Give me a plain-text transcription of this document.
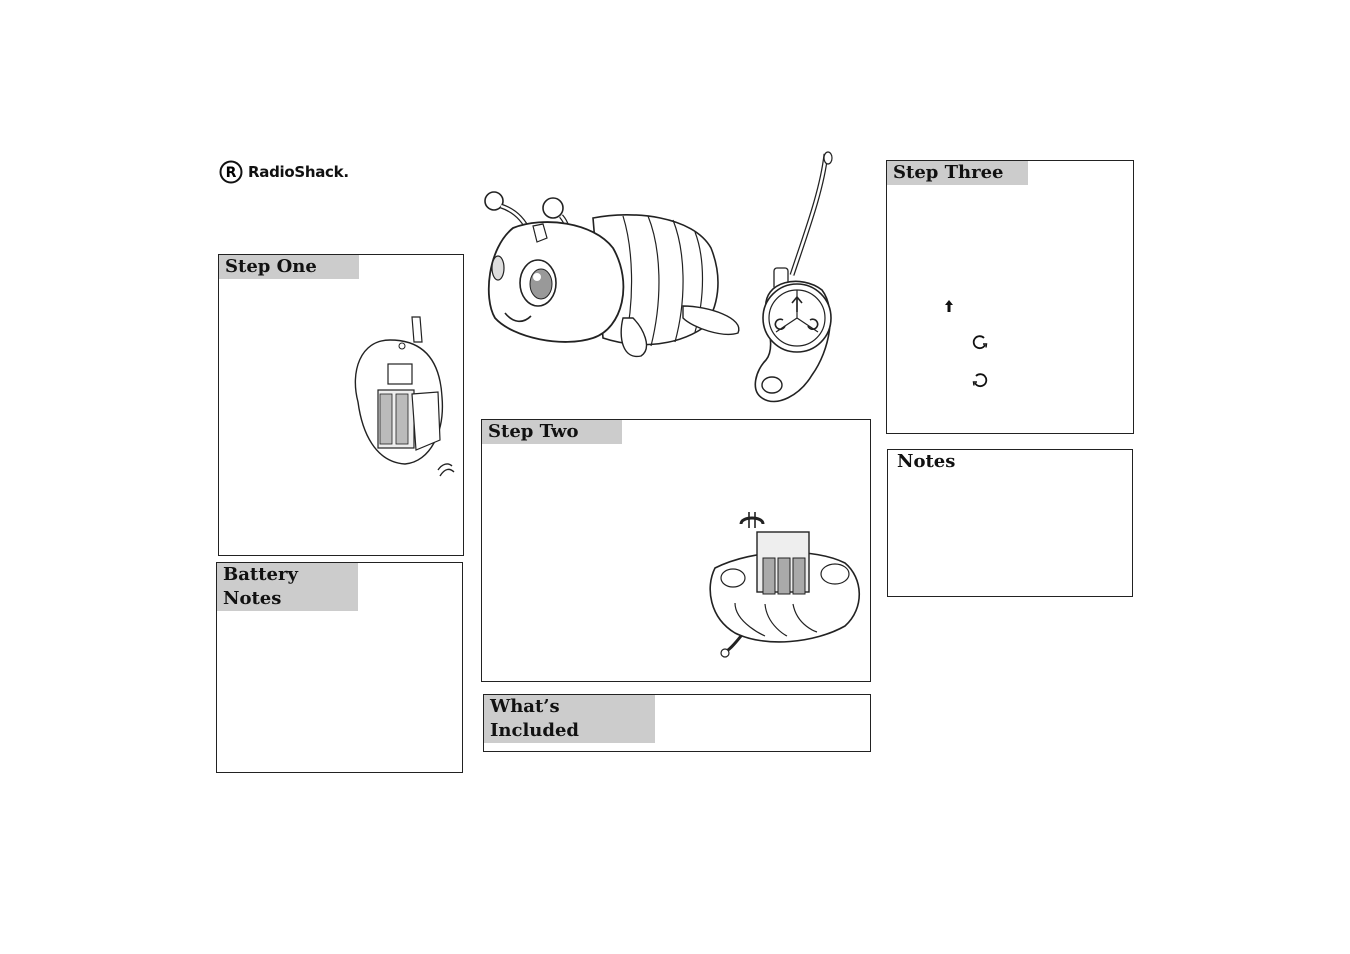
R RadioShack .
Step One
Battery Notes
Step Two
What’s Included
Step Three
Notes
